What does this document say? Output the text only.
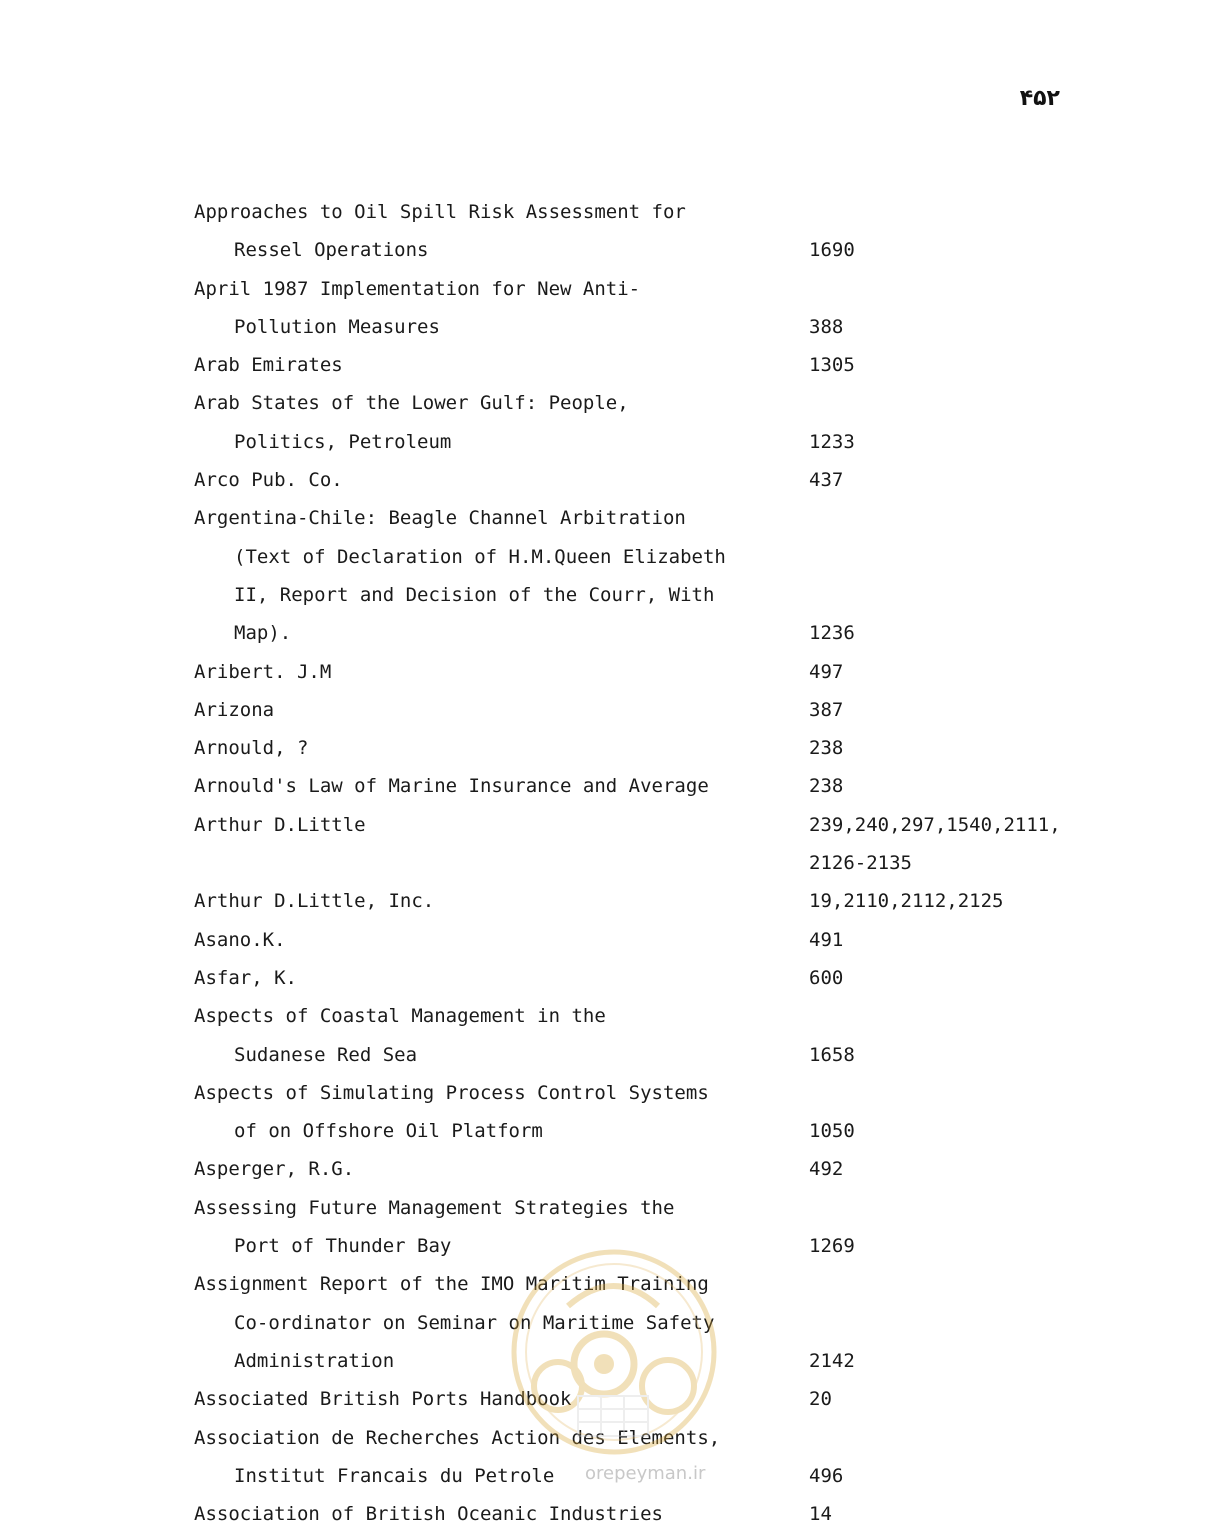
۴۵۲
Approaches to Oil Spill Risk Assessment for
Ressel Operations	1690
April 1987 Implementation for New Anti-
Pollution Measures	388
Arab Emirates	1305
Arab States of the Lower Gulf: People,
Politics, Petroleum	1233
Arco Pub. Co.	437
Argentina-Chile: Beagle Channel Arbitration
(Text of Declaration of H.M.Queen Elizabeth
II, Report and Decision of the Courr, With
Map).	1236
Aribert. J.M	497
Arizona	387
Arnould, ?	238
Arnould's Law of Marine Insurance and Average	238
Arthur D.Little	239,240,297,1540,2111,
2126-2135
Arthur D.Little, Inc.	19,2110,2112,2125
Asano.K.	491
Asfar, K.	600
Aspects of Coastal Management in the
Sudanese Red Sea	1658
Aspects of Simulating Process Control Systems
of on Offshore Oil Platform	1050
Asperger, R.G.	492
Assessing Future Management Strategies the
Port of Thunder Bay	1269
Assignment Report of the IMO Maritim Training
Co-ordinator on Seminar on Maritime Safety
Administration	2142
Associated British Ports Handbook	20
Association de Recherches Action des Elements,
Institut Francais du Petrole	496
Association of British Oceanic Industries	14
orepeyman.ir
